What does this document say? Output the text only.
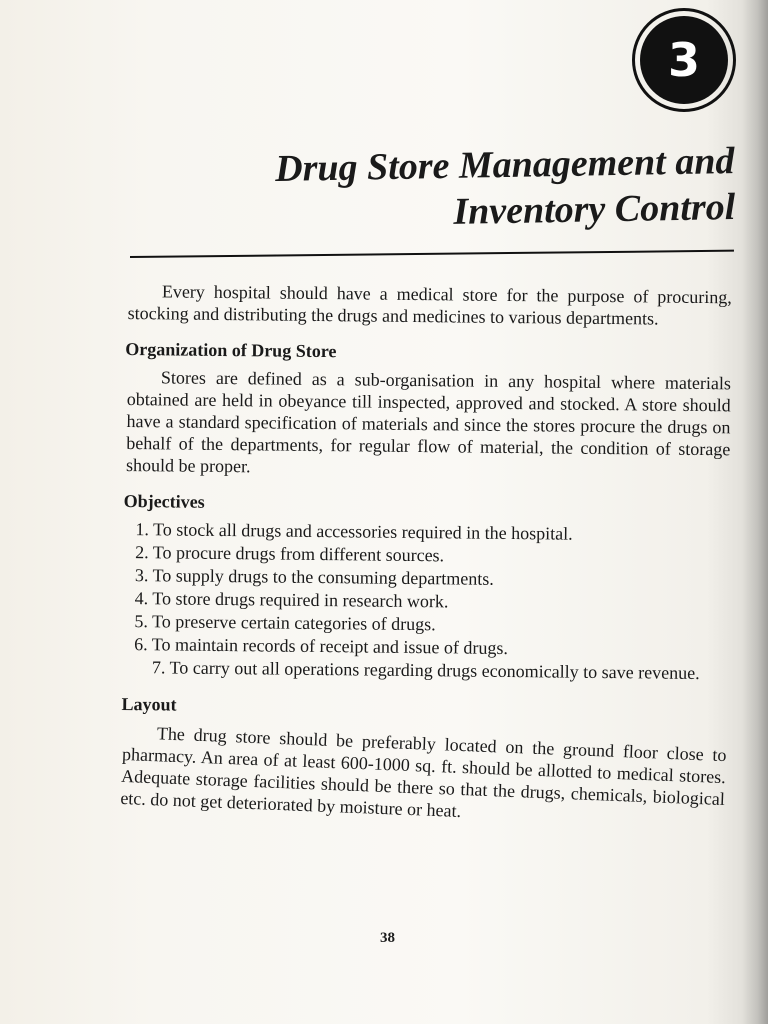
3
Drug Store Management and
Inventory Control

Every hospital should have a medical store for the purpose of procuring, stocking and distributing the drugs and medicines to various departments.

Organization of Drug Store

Stores are defined as a sub-organisation in any hospital where materials obtained are held in obeyance till inspected, approved and stocked. A store should have a standard specification of materials and since the stores procure the drugs on behalf of the departments, for regular flow of material, the condition of storage should be proper.

Objectives
1. To stock all drugs and accessories required in the hospital.
2. To procure drugs from different sources.
3. To supply drugs to the consuming departments.
4. To store drugs required in research work.
5. To preserve certain categories of drugs.
6. To maintain records of receipt and issue of drugs.
7. To carry out all operations regarding drugs economically to save revenue.
Layout

The drug store should be preferably located on the ground floor close to pharmacy. An area of at least 600-1000 sq. ft. should be allotted to medical stores. Adequate storage facilities should be there so that the drugs, chemicals, biological etc. do not get deteriorated by moisture or heat.

38
